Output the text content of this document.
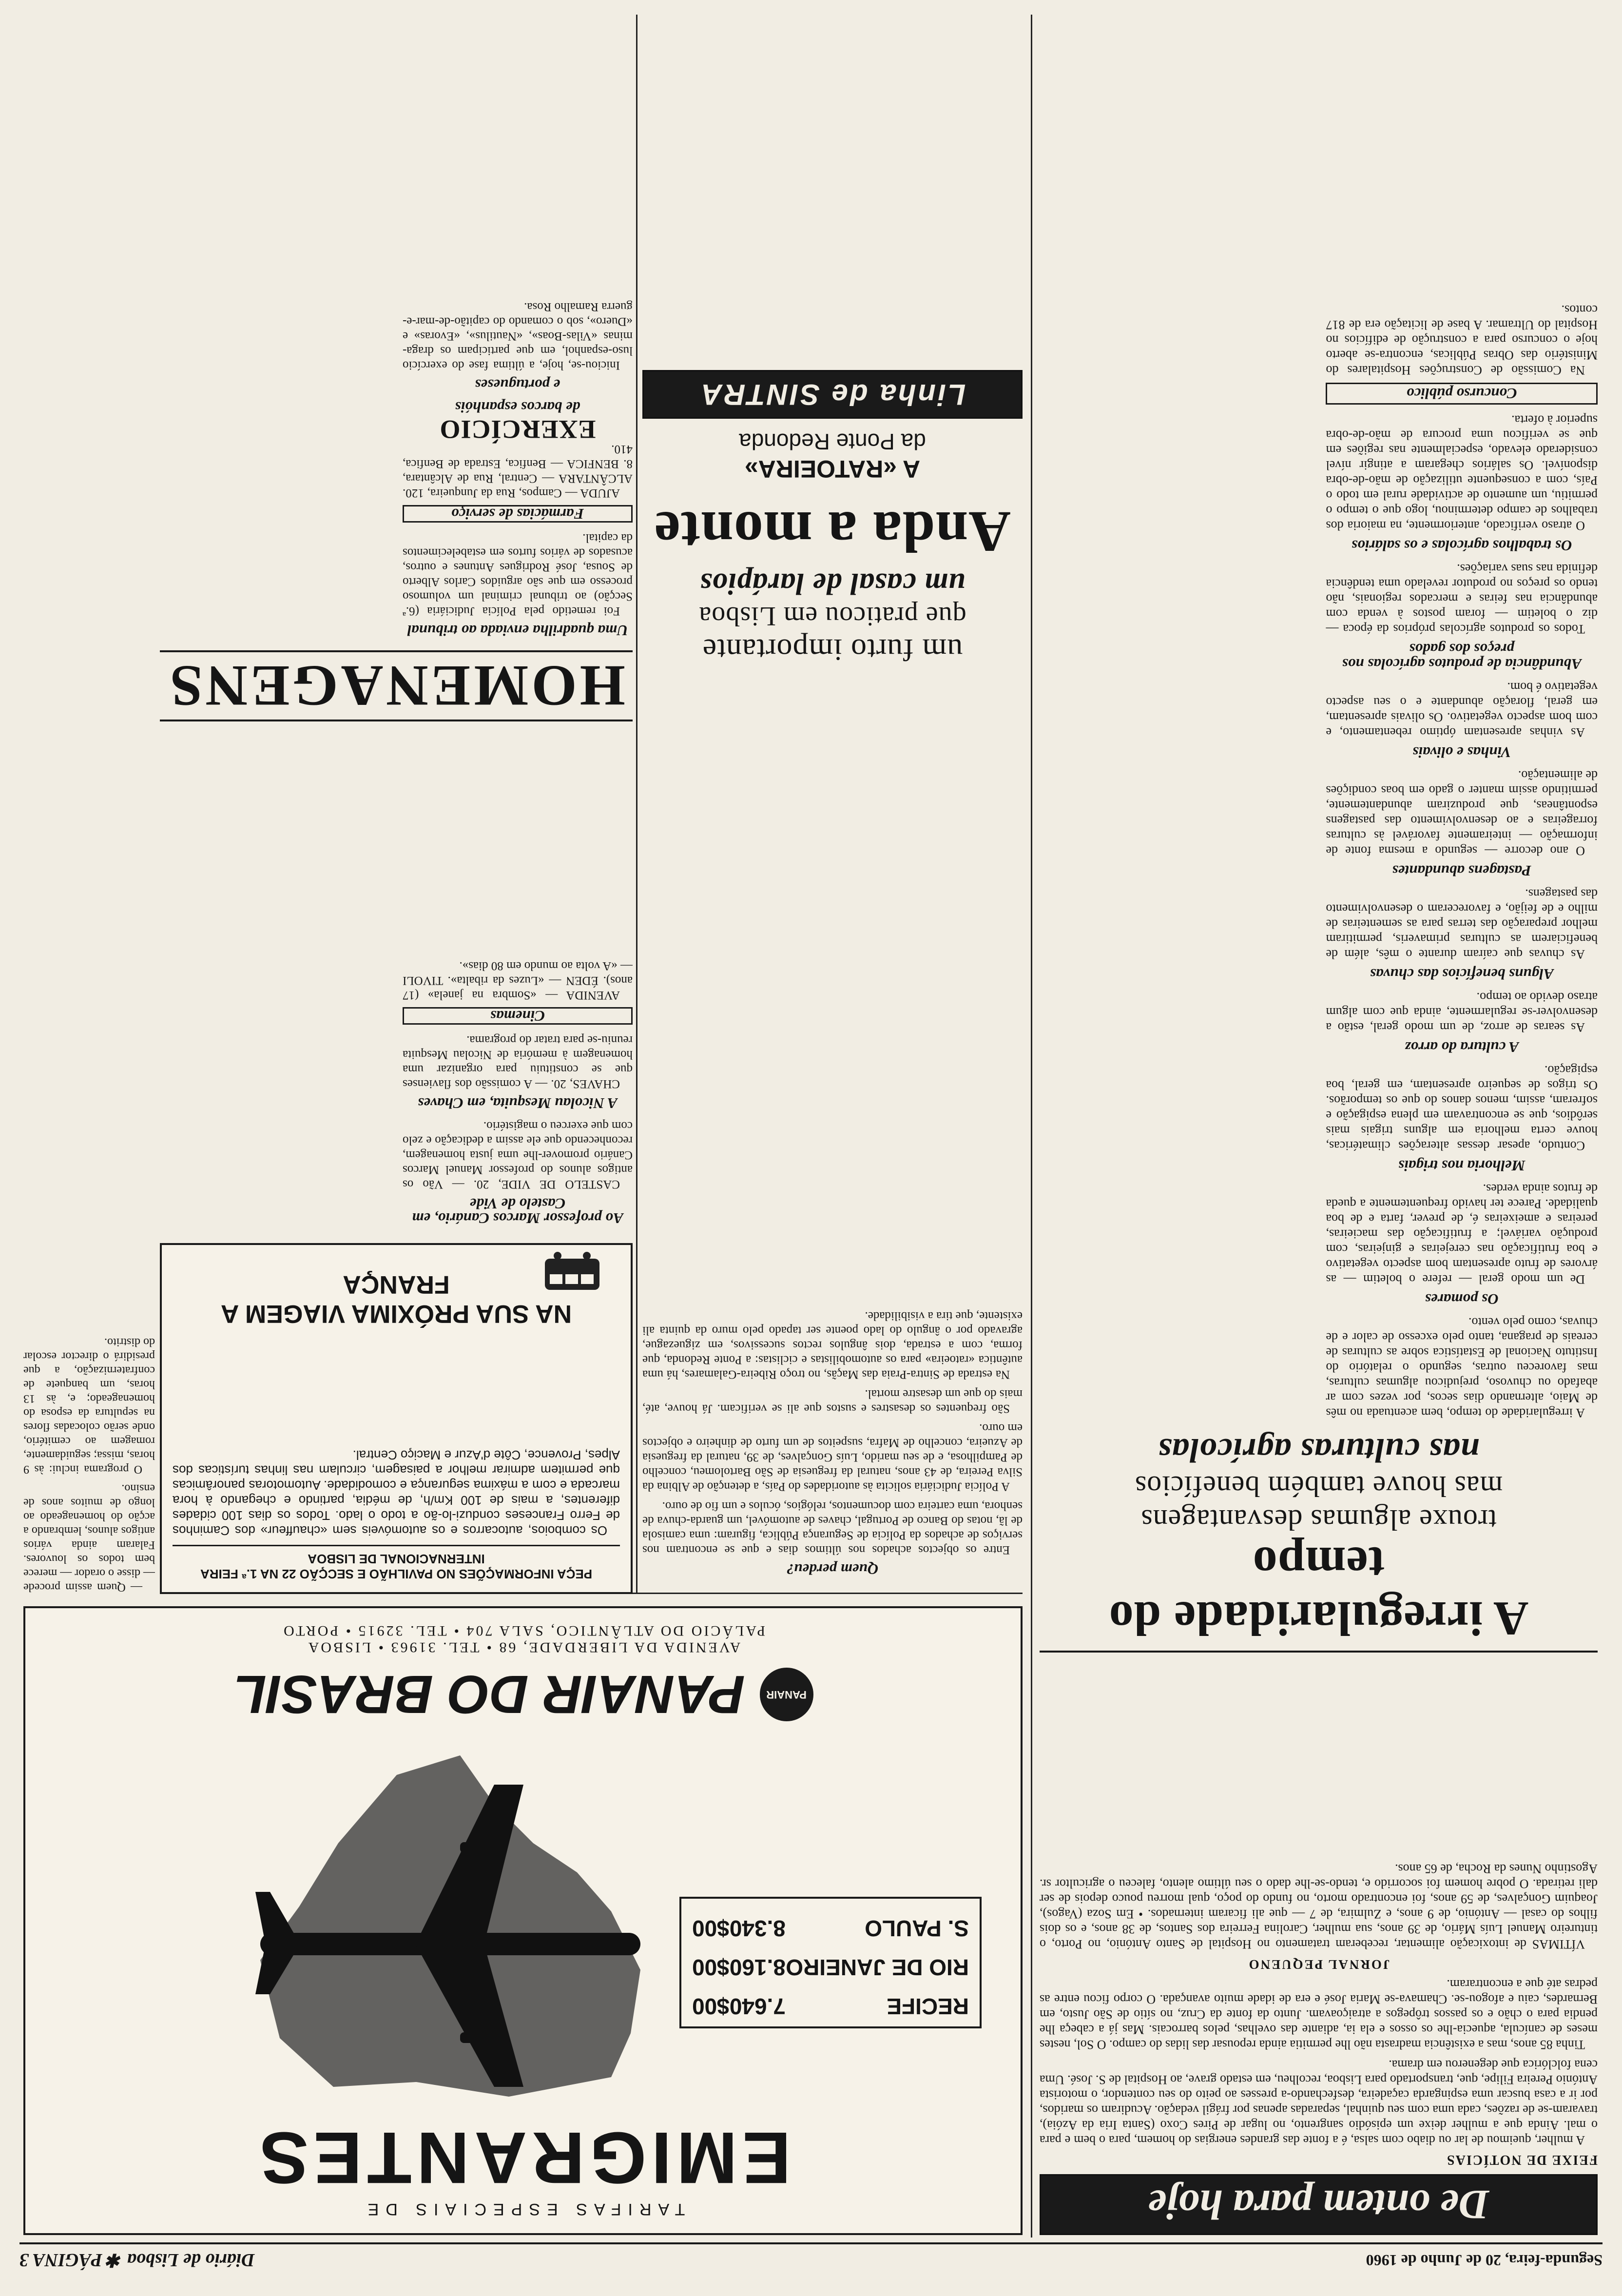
Segunda-feira, 20 de Junho de 1960
Diário de Lisboa ✱ PÁGINA 3
De ontem para hoje
FEIXE DE NOTÍCIAS

A mulher, queimou de lar ou diabo com salsa, é a fonte das grandes energias do homem, para o bem e para o mal. Ainda que a mulher deixe um episódio sangrento, no lugar de Pires Coxo (Santa Iria da Azóia), travaram-se de razões, cada uma com seu quinhal, separadas apenas por frágil vedação. Acudiram os maridos, por ir a casa buscar uma espingarda caçadeira, desfechando-a presses ao peito do seu contendor, o motorista António Pereira Filipe, que, transportado para Lisboa, recolheu, em estado grave, ao Hospital de S. José. Uma cena folclórica que degenerou em drama.

Tinha 85 anos, mas a existência madrasta não lhe permitia ainda repousar das lidas do campo. O Sol, nestes meses de canícula, aquecia-lhe os ossos e ela ia, adiante das ovelhas, pelos barrocais. Mas já a cabeça lhe pendia para o chão e os passos trôpegos a atraiçoavam. Junto da fonte da Cruz, no sítio de São Justo, em Bernardes, caiu e afogou-se. Chamava-se Maria José e era de idade muito avançada. O corpo ficou entre as pedras até que a encontraram.

JORNAL PEQUENO

VÍTIMAS de intoxicação alimentar, receberam tratamento no Hospital de Santo António, no Porto, o tintureiro Manuel Luís Mário, de 39 anos, sua mulher, Carolina Ferreira dos Santos, de 38 anos, e os dois filhos do casal — António, de 9 anos, e Zulmira, de 7 — que ali ficaram internados. • Em Soza (Vagos), Joaquim Gonçalves, de 59 anos, foi encontrado morto, no fundo do poço, qual morreu pouco depois de ser dali retirada. O pobre homem foi socorrido e, tendo-se-lhe dado o seu último alento, faleceu o agricultor sr. Agostinho Nunes da Rocha, de 65 anos.

A irregularidade do tempo
trouxe algumas desvantagens
mas houve também benefícios
nas culturas agrícolas

A irregularidade do tempo, bem acentuada no mês de Maio, alternando dias secos, por vezes com ar abafado ou chuvoso, prejudicou algumas culturas, mas favoreceu outras, segundo o relatório do Instituto Nacional de Estatística sobre as culturas de cereais de pragana, tanto pelo excesso de calor e de chuvas, como pelo vento.

Os pomares

De um modo geral — refere o boletim — as árvores de fruto apresentam bom aspecto vegetativo e boa frutificação nas cerejeiras e ginjeiras, com produção variável; a frutificação das macieiras, pereiras e ameixeiras é, de prever, farta e de boa qualidade. Parece ter havido frequentemente a queda de frutos ainda verdes.

Melhoria nos trigais

Contudo, apesar dessas alterações climatéricas, houve certa melhoria em alguns trigais mais serôdios, que se encontravam em plena espigação e sofreram, assim, menos danos do que os temporãos. Os trigos de sequeiro apresentam, em geral, boa espigação.

A cultura do arroz

As searas de arroz, de um modo geral, estão a desenvolver-se regularmente, ainda que com algum atraso devido ao tempo.

Alguns benefícios das chuvas

As chuvas que caíram durante o mês, além de beneficiarem as culturas primaveris, permitiram melhor preparação das terras para as sementeiras de milho e de feijão, e favoreceram o desenvolvimento das pastagens.

Pastagens abundantes

O ano decorre — segundo a mesma fonte de informação — inteiramente favorável às culturas forrageiras e ao desenvolvimento das pastagens espontâneas, que produziram abundantemente, permitindo assim manter o gado em boas condições de alimentação.

Vinhas e olivais

As vinhas apresentam óptimo rebentamento, e com bom aspecto vegetativo. Os olivais apresentam, em geral, floração abundante e o seu aspecto vegetativo é bom.

Abundância de produtos agrícolas nos preços dos gados

Todos os produtos agrícolas próprios da época — diz o boletim — foram postos à venda com abundância nas feiras e mercados regionais, não tendo os preços no produtor revelado uma tendência definida nas suas variações.

Os trabalhos agrícolas e os salários

O atraso verificado, anteriormente, na maioria dos trabalhos de campo determinou, logo que o tempo o permitiu, um aumento de actividade rural em todo o País, com a consequente utilização de mão-de-obra disponível. Os salários chegaram a atingir nível considerado elevado, especialmente nas regiões em que se verificou uma procura de mão-de-obra superior à oferta.

Concurso público

Na Comissão de Construções Hospitalares do Ministério das Obras Públicas, encontra-se aberto hoje o concurso para a construção de edifícios no Hospital do Ultramar. A base de licitação era de 817 contos.

TARIFAS ESPECIAIS DE
EMIGRANTES
RECIFE
7.640$00
RIO DE JANEIRO
8.160$00
S. PAULO
8.340$00
PANAIR
PANAIR DO BRASIL
AVENIDA DA LIBERDADE, 68 • TEL. 31963 • LISBOA
PALÁCIO DO ATLÂNTICO, SALA 704 • TEL. 32915 • PORTO

— Quem assim procede — disse o orador — merece bem todos os louvores. Falaram ainda vários antigos alunos, lembrando a acção do homenageado ao longo de muitos anos de ensino.

O programa inclui: às 9 horas, missa; seguidamente, romagem ao cemitério, onde serão colocadas flores na sepultura da esposa do homenageado; e, às 13 horas, um banquete de confraternização, a que presidirá o director escolar do distrito.

PEÇA INFORMAÇÕES NO PAVILHÃO E SECÇÃO 22 NA 1.ª FEIRA INTERNACIONAL DE LISBOA

Os comboios, autocarros e os automóveis sem «chauffeur» dos Caminhos de Ferro Franceses conduzi-lo-ão a todo o lado. Todos os dias 100 cidades diferentes, a mais de 100 Km/h, de média, partindo e chegando à hora marcada e com a máxima segurança e comodidade. Automotoras panorâmicas que permitem admirar melhor a paisagem, circulam nas linhas turísticas dos Alpes, Provence, Côte d'Azur e Maciço Central.

NA SUA PRÓXIMA VIAGEM A FRANÇA
Ao professor Marcos Canário, em Castelo de Vide

CASTELO DE VIDE, 20. — Vão os antigos alunos do professor Manuel Marcos Canário promover-lhe uma justa homenagem, reconhecendo que ele assim a dedicação e zelo com que exerceu o magistério.

A Nicolau Mesquita, em Chaves

CHAVES, 20. — A comissão dos flavienses que se constituiu para organizar uma homenagem à memória de Nicolau Mesquita reuniu-se para tratar do programa.

Cinemas

AVENIDA — «Sombra na janela» (17 anos). ÉDEN — «Luzes da ribalta». TIVOLI — «A volta ao mundo em 80 dias».

HOMENAGENS
Uma quadrilha enviada ao tribunal

Foi remetido pela Polícia Judiciária (6.ª Secção) ao tribunal criminal um volumoso processo em que são arguidos Carlos Alberto de Sousa, José Rodrigues Antunes e outros, acusados de vários furtos em estabelecimentos da capital.

Farmácias de serviço

AJUDA — Campos, Rua da Junqueira, 120. ALCÂNTARA — Central, Rua de Alcântara, 8. BENFICA — Benfica, Estrada de Benfica, 410.

EXERCÍCIO
de barcos espanhóis
e portugueses

Iniciou-se, hoje, a última fase do exercício luso-espanhol, em que participam os draga-minas «Vilas-Boas», «Nautilus», «Evoras» e «Duero», sob o comando do capitão-de-mar-e-guerra Ramalho Rosa.

Quem perdeu?

Entre os objectos achados nos últimos dias e que se encontram nos serviços de achados da Polícia de Segurança Pública, figuram: uma camisola de lã, notas do Banco de Portugal, chaves de automóvel, um guarda-chuva de senhora, uma carteira com documentos, relógios, óculos e um fio de ouro.

A Polícia Judiciária solicita às autoridades do País, a detenção de Albina da Silva Pereira, de 43 anos, natural da freguesia de São Bartolomeu, concelho de Pampilhosa, e de seu marido, Luís Gonçalves, de 39, natural da freguesia de Azueira, concelho de Mafra, suspeitos de um furto de dinheiro e objectos em ouro.

São frequentes os desastres e sustos que ali se verificam. Já houve, até, mais do que um desastre mortal.

Na estrada de Sintra-Praia das Maçãs, no troço Ribeira-Galamares, há uma autêntica «ratoeira» para os automobilistas e ciclistas: a Ponte Redonda, que forma, com a estrada, dois ângulos rectos sucessivos, em ziguezague, agravado por o ângulo do lado poente ser tapado pelo muro da quinta ali existente, que tira a visibilidade.

um furto importante
que praticou em Lisboa
um casal de larápios
Anda a monte
A «RATOEIRA»
da Ponte Redonda
Linha de SINTRA
